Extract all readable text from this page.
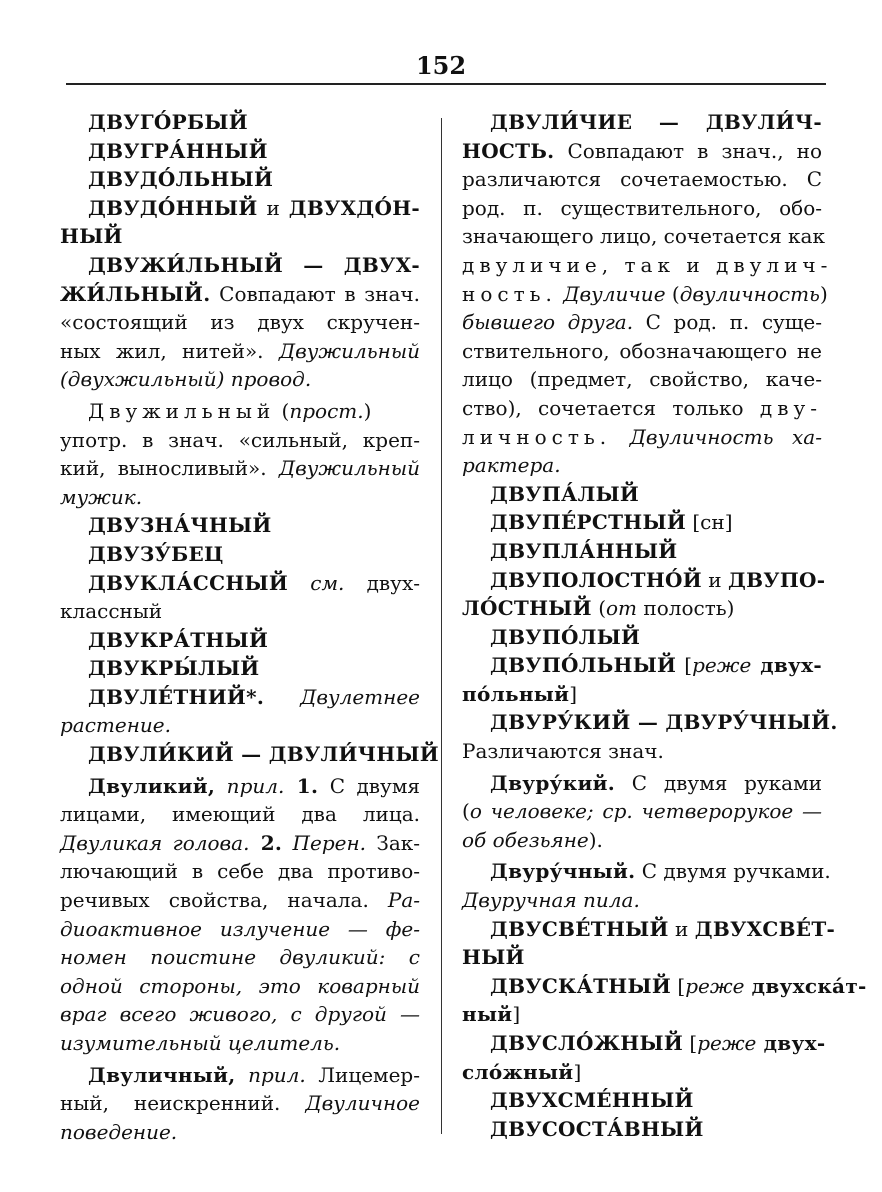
152
ДВУГО́РБЫЙ
ДВУГРА́ННЫЙ
ДВУДО́ЛЬНЫЙ
ДВУДО́ННЫЙ и ДВУХДО́Н-
НЫЙ
ДВУЖИ́ЛЬНЫЙ — ДВУХ-
ЖИ́ЛЬНЫЙ. Совпадают в знач.
«состоящий из двух скручен-
ных жил, нитей». Двужильный
(двухжильный) провод.
Двужильный (прост.)
употр. в знач. «сильный, креп-
кий, выносливый». Двужильный
мужик.
ДВУЗНА́ЧНЫЙ
ДВУЗУ́БЕЦ
ДВУКЛА́ССНЫЙ см. двух-
классный
ДВУКРА́ТНЫЙ
ДВУКРЫ́ЛЫЙ
ДВУЛЕ́ТНИЙ*. Двулетнее
растение.
ДВУЛИ́КИЙ — ДВУЛИ́ЧНЫЙ
Двуликий, прил. 1. С двумя
лицами, имеющий два лица.
Двуликая голова. 2. Перен. Зак-
лючающий в себе два противо-
речивых свойства, начала. Ра-
диоактивное излучение — фе-
номен поистине двуликий: с
одной стороны, это коварный
враг всего живого, с другой —
изумительный целитель.
Двуличный, прил. Лицемер-
ный, неискренний. Двуличное
поведение.
ДВУЛИ́ЧИЕ — ДВУЛИ́Ч-
НОСТЬ. Совпадают в знач., но
различаются сочетаемостью. С
род. п. существительного, обо-
значающего лицо, сочетается как
двуличие, так и двулич-
ность. Двуличие (двуличность)
бывшего друга. С род. п. суще-
ствительного, обозначающего не
лицо (предмет, свойство, каче-
ство), сочетается только дву-
личность. Двуличность ха-
рактера.
ДВУПА́ЛЫЙ
ДВУПЕ́РСТНЫЙ [сн]
ДВУПЛА́ННЫЙ
ДВУПОЛОСТНО́Й и ДВУПО-
ЛО́СТНЫЙ (от полость)
ДВУПО́ЛЫЙ
ДВУПО́ЛЬНЫЙ [реже двух-
по́льный]
ДВУРУ́КИЙ — ДВУРУ́ЧНЫЙ.
Различаются знач.
Двуру́кий. С двумя руками
(о человеке; ср. четверорукое —
об обезьяне).
Двуру́чный. С двумя ручками.
Двуручная пила.
ДВУСВЕ́ТНЫЙ и ДВУХСВЕ́Т-
НЫЙ
ДВУСКА́ТНЫЙ [реже двухска́т-
ный]
ДВУСЛО́ЖНЫЙ [реже двух-
сло́жный]
ДВУХСМЕ́ННЫЙ
ДВУСОСТА́ВНЫЙ
